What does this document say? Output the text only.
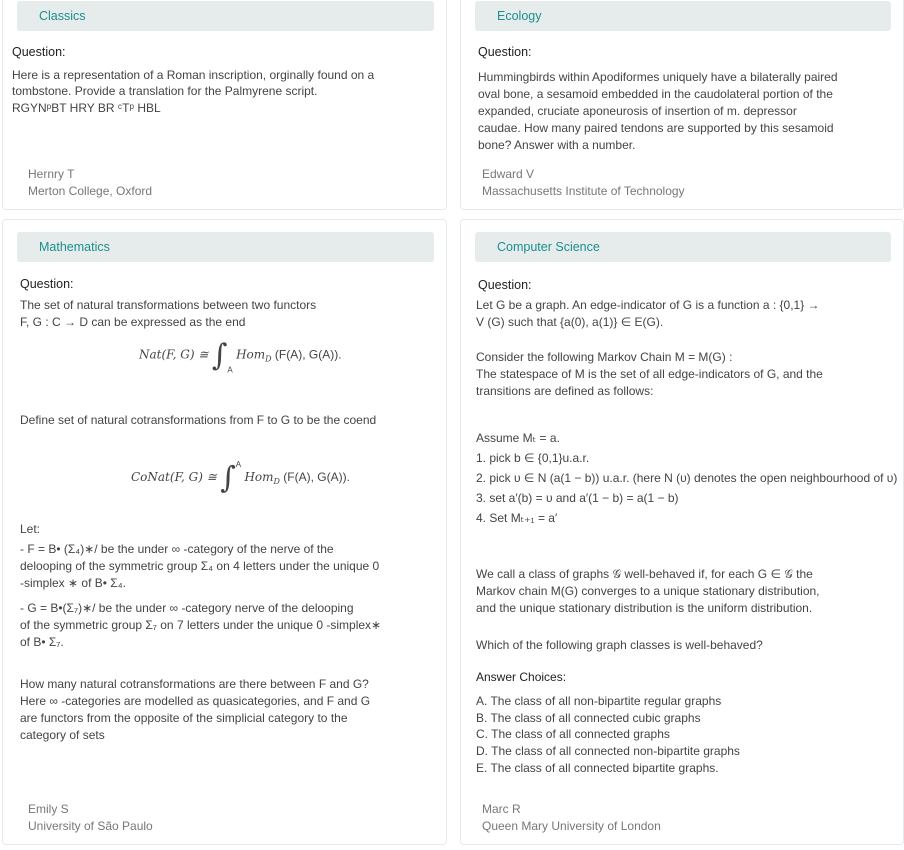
Classics
Question:
Here is a representation of a Roman inscription, orginally found on a
tombstone. Provide a translation for the Palmyrene script.
RGYNᵖBT HRY BR ᶜTᵖ HBL
Hernry T
Merton College, Oxford
Ecology
Question:
Hummingbirds within Apodiformes uniquely have a bilaterally paired
oval bone, a sesamoid embedded in the caudolateral portion of the
expanded, cruciate aponeurosis of insertion of m. depressor
caudae. How many paired tendons are supported by this sesamoid
bone? Answer with a number.
Edward V
Massachusetts Institute of Technology
Mathematics
Question:
The set of natural transformations between two functors
F, G : C → D can be expressed as the end
Nat(F, G) ≅ $\int_A$ Hom$_D$ (F(A), G(A)).
Define set of natural cotransformations from F to G to be the coend
CoNat(F, G) ≅ ∫$^A$ Hom$_D$ (F(A), G(A)).
Let:
- F = B• (Σ₄)∗/ be the under ∞ -category of the nerve of the
delooping of the symmetric group Σ₄ on 4 letters under the unique 0
-simplex ∗ of B• Σ₄.
- G = B•(Σ₇)∗/ be the under ∞ -category nerve of the delooping
of the symmetric group Σ₇ on 7 letters under the unique 0 -simplex∗
of B• Σ₇.
How many natural cotransformations are there between F and G?
Here ∞ -categories are modelled as quasicategories, and F and G
are functors from the opposite of the simplicial category to the
category of sets
Emily S
University of São Paulo
Computer Science
Question:
Let G be a graph. An edge-indicator of G is a function a : {0,1} →
V (G) such that {a(0), a(1)} ∈ E(G).
Consider the following Markov Chain M = M(G) :
The statespace of M is the set of all edge-indicators of G, and the
transitions are defined as follows:
Assume Mₜ = a.
1. pick b ∈ {0,1}u.a.r.
2. pick υ ∈ N (a(1 − b)) u.a.r. (here N (υ) denotes the open neighbourhood of υ)
3. set a′(b) = υ and a′(1 − b) = a(1 − b)
4. Set Mₜ₊₁ = a′
We call a class of graphs 𝒢 well-behaved if, for each G ∈ 𝒢 the
Markov chain M(G) converges to a unique stationary distribution,
and the unique stationary distribution is the uniform distribution.
Which of the following graph classes is well-behaved?
Answer Choices:
A. The class of all non-bipartite regular graphs
B. The class of all connected cubic graphs
C. The class of all connected graphs
D. The class of all connected non-bipartite graphs
E. The class of all connected bipartite graphs.
Marc R
Queen Mary University of London
